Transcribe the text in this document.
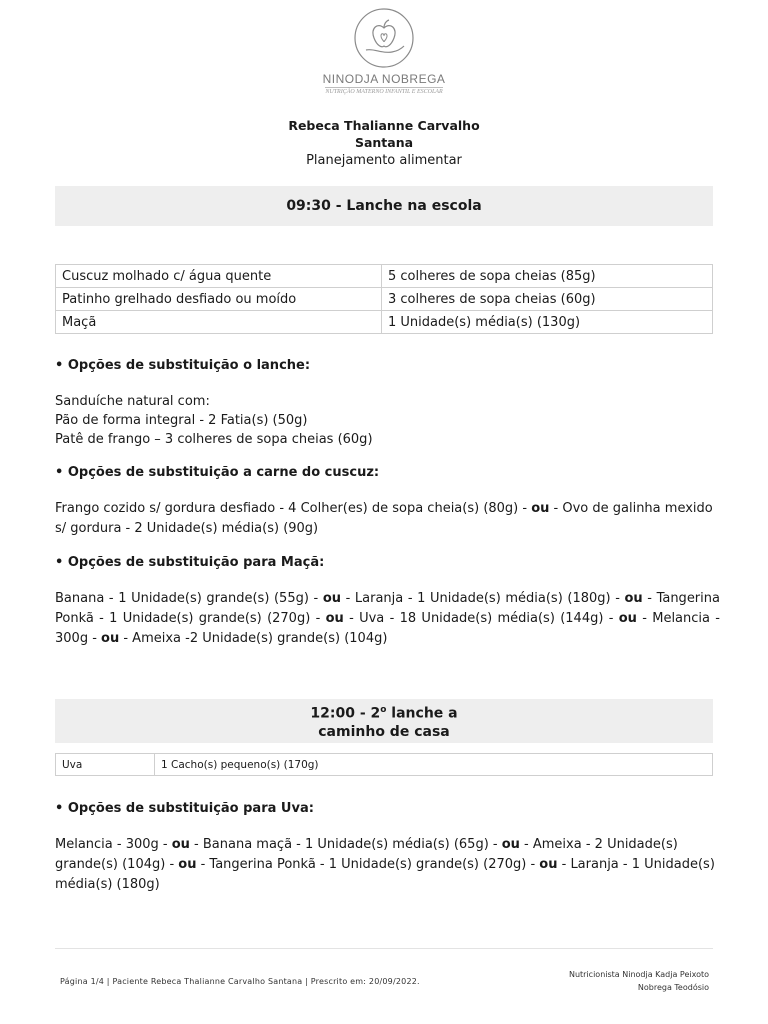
NINODJA NOBREGA
NUTRIÇÃO MATERNO INFANTIL E ESCOLAR
Rebeca Thalianne Carvalho
Santana
Planejamento alimentar
09:30 - Lanche na escola
Cuscuz molhado c/ água quente	5 colheres de sopa cheias (85g)
Patinho grelhado desfiado ou moído	3 colheres de sopa cheias (60g)
Maçã	1 Unidade(s) média(s) (130g)
• Opções de substituição o lanche:
Sanduíche natural com:
Pão de forma integral - 2 Fatia(s) (50g)
Patê de frango – 3 colheres de sopa cheias (60g)
• Opções de substituição a carne do cuscuz:
Frango cozido s/ gordura desfiado - 4 Colher(es) de sopa cheia(s) (80g) - ou - Ovo de galinha mexido s/ gordura - 2 Unidade(s) média(s) (90g)
• Opções de substituição para Maçã:
Banana - 1 Unidade(s) grande(s) (55g) - ou - Laranja - 1 Unidade(s) média(s) (180g) - ou - Tangerina Ponkã - 1 Unidade(s) grande(s) (270g) - ou - Uva - 18 Unidade(s) média(s) (144g) - ou - Melancia - 300g - ou - Ameixa -2 Unidade(s) grande(s) (104g)
12:00 - 2$^o$ lanche a
caminho de casa
Uva	1 Cacho(s) pequeno(s) (170g)
• Opções de substituição para Uva:
Melancia - 300g - ou - Banana maçã - 1 Unidade(s) média(s) (65g) - ou - Ameixa - 2 Unidade(s) grande(s) (104g) - ou - Tangerina Ponkã - 1 Unidade(s) grande(s) (270g) - ou - Laranja - 1 Unidade(s) média(s) (180g)
Página 1/4 | Paciente Rebeca Thalianne Carvalho Santana | Prescrito em: 20/09/2022.
Nutricionista Ninodja Kadja Peixoto
Nobrega Teodósio
